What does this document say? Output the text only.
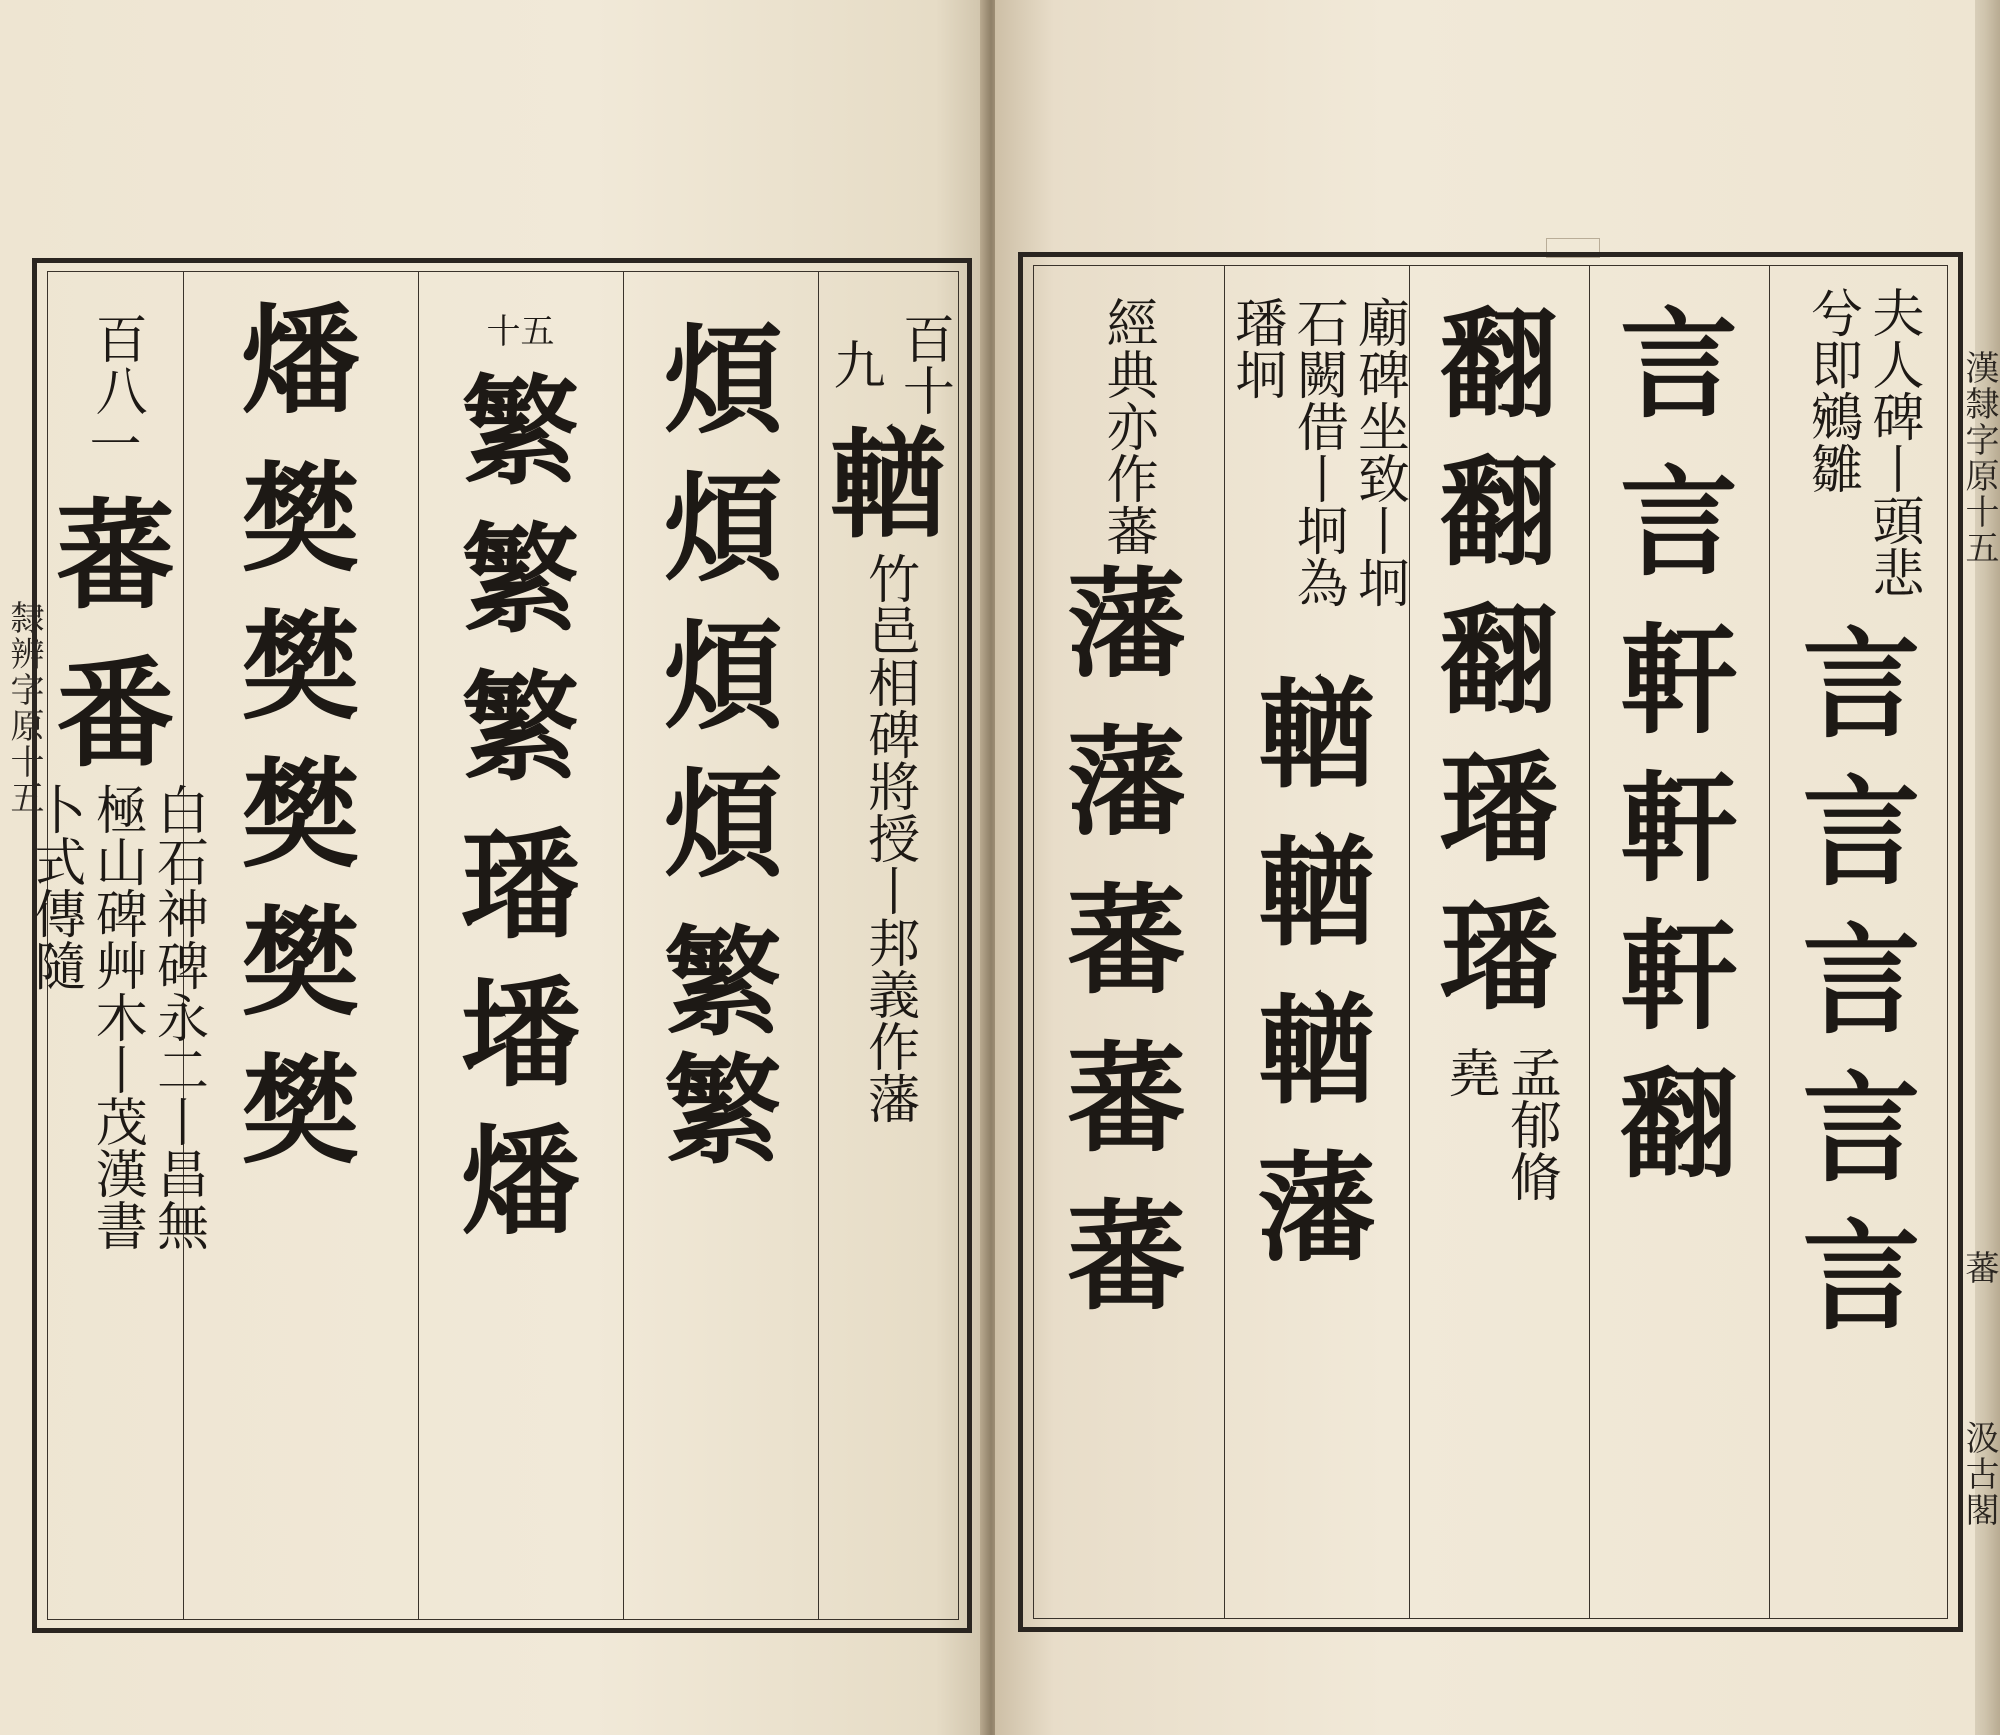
百十
九
輶
竹邑相碑將授丨邦義作藩
煩
煩
煩
煩
繁
繁
十五
繁
繁
繁
璠
墦
燔
燔
樊
樊
樊
樊
樊
百八
一
蕃
番
白石神碑永二丨昌無極山碑艸木丨茂漢書卜式傳隨
隸辨字原十五
夫人碑丨頭悲兮即鵷雛
言
言
言
言
言
言
言
軒
軒
軒
翻
翻
翻
翻
璠
璠
孟郁脩堯
廟碑坐致丨坰石闕借丨坰為璠坰
輶
輶
輶
藩
經典亦作蕃
藩
藩
蕃
蕃
蕃
漢隸字原十五
蕃
汲古閣
